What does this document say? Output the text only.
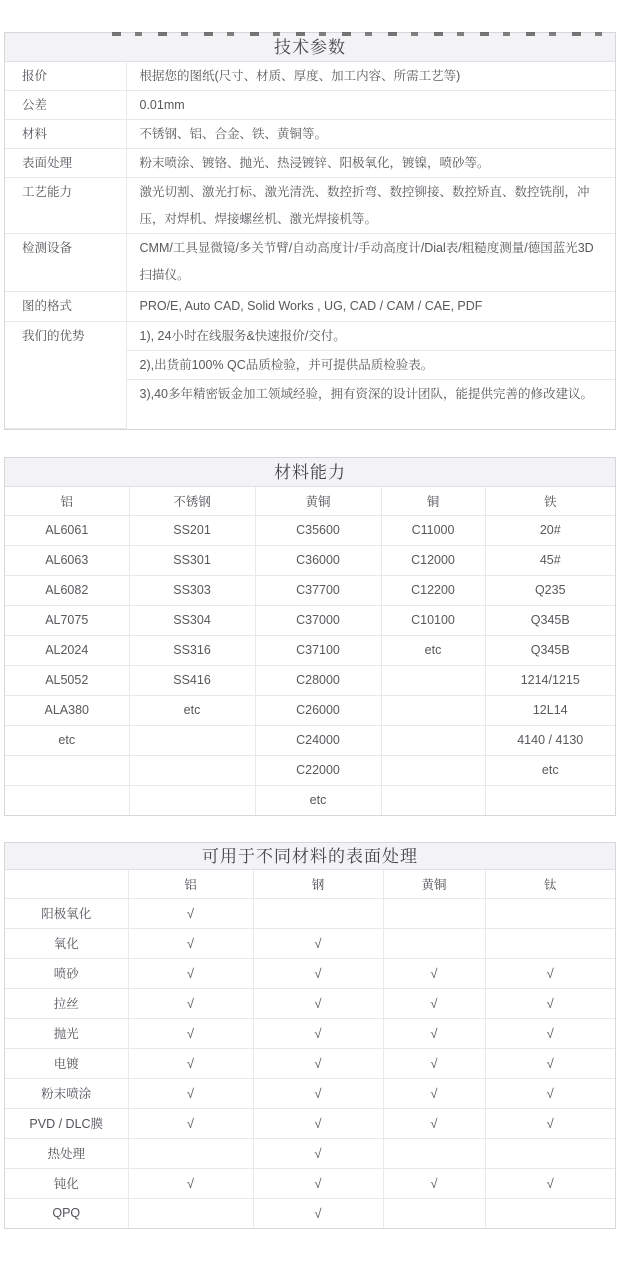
技术参数
报价	根据您的图纸(尺寸、材质、厚度、加工内容、所需工艺等)
公差	0.01mm
材料	不锈钢、铝、合金、铁、黄铜等。
表面处理	粉末喷涂、镀铬、抛光、热浸镀锌、阳极氧化，镀镍，喷砂等。
工艺能力	激光切割、激光打标、激光清洗、数控折弯、数控铆接、数控矫直、数控铣削，冲压，对焊机、焊接螺丝机、激光焊接机等。
检测设备	CMM/工具显微镜/多关节臂/自动高度计/手动高度计/Dial表/粗糙度测量/德国蓝光3D扫描仪。
图的格式	PRO/E, Auto CAD, Solid Works , UG, CAD / CAM / CAE, PDF
我们的优势	1), 24小时在线服务&快速报价/交付。
	2),出货前100% QC品质检验，并可提供品质检验表。
	3),40多年精密钣金加工领域经验，拥有资深的设计团队，能提供完善的修改建议。
材料能力
铝	不锈钢	黄铜	铜	铁
AL6061	SS201	C35600	C11000	20#
AL6063	SS301	C36000	C12000	45#
AL6082	SS303	C37700	C12200	Q235
AL7075	SS304	C37000	C10100	Q345B
AL2024	SS316	C37100	etc	Q345B
AL5052	SS416	C28000		1214/1215
ALA380	etc	C26000		12L14
etc		C24000		4140 / 4130
		C22000		etc
		etc		
可用于不同材料的表面处理
	铝	钢	黄铜	钛
阳极氧化	√			
氧化	√	√		
喷砂	√	√	√	√
拉丝	√	√	√	√
抛光	√	√	√	√
电镀	√	√	√	√
粉末喷涂	√	√	√	√
PVD / DLC膜	√	√	√	√
热处理		√		
钝化	√	√	√	√
QPQ		√		
